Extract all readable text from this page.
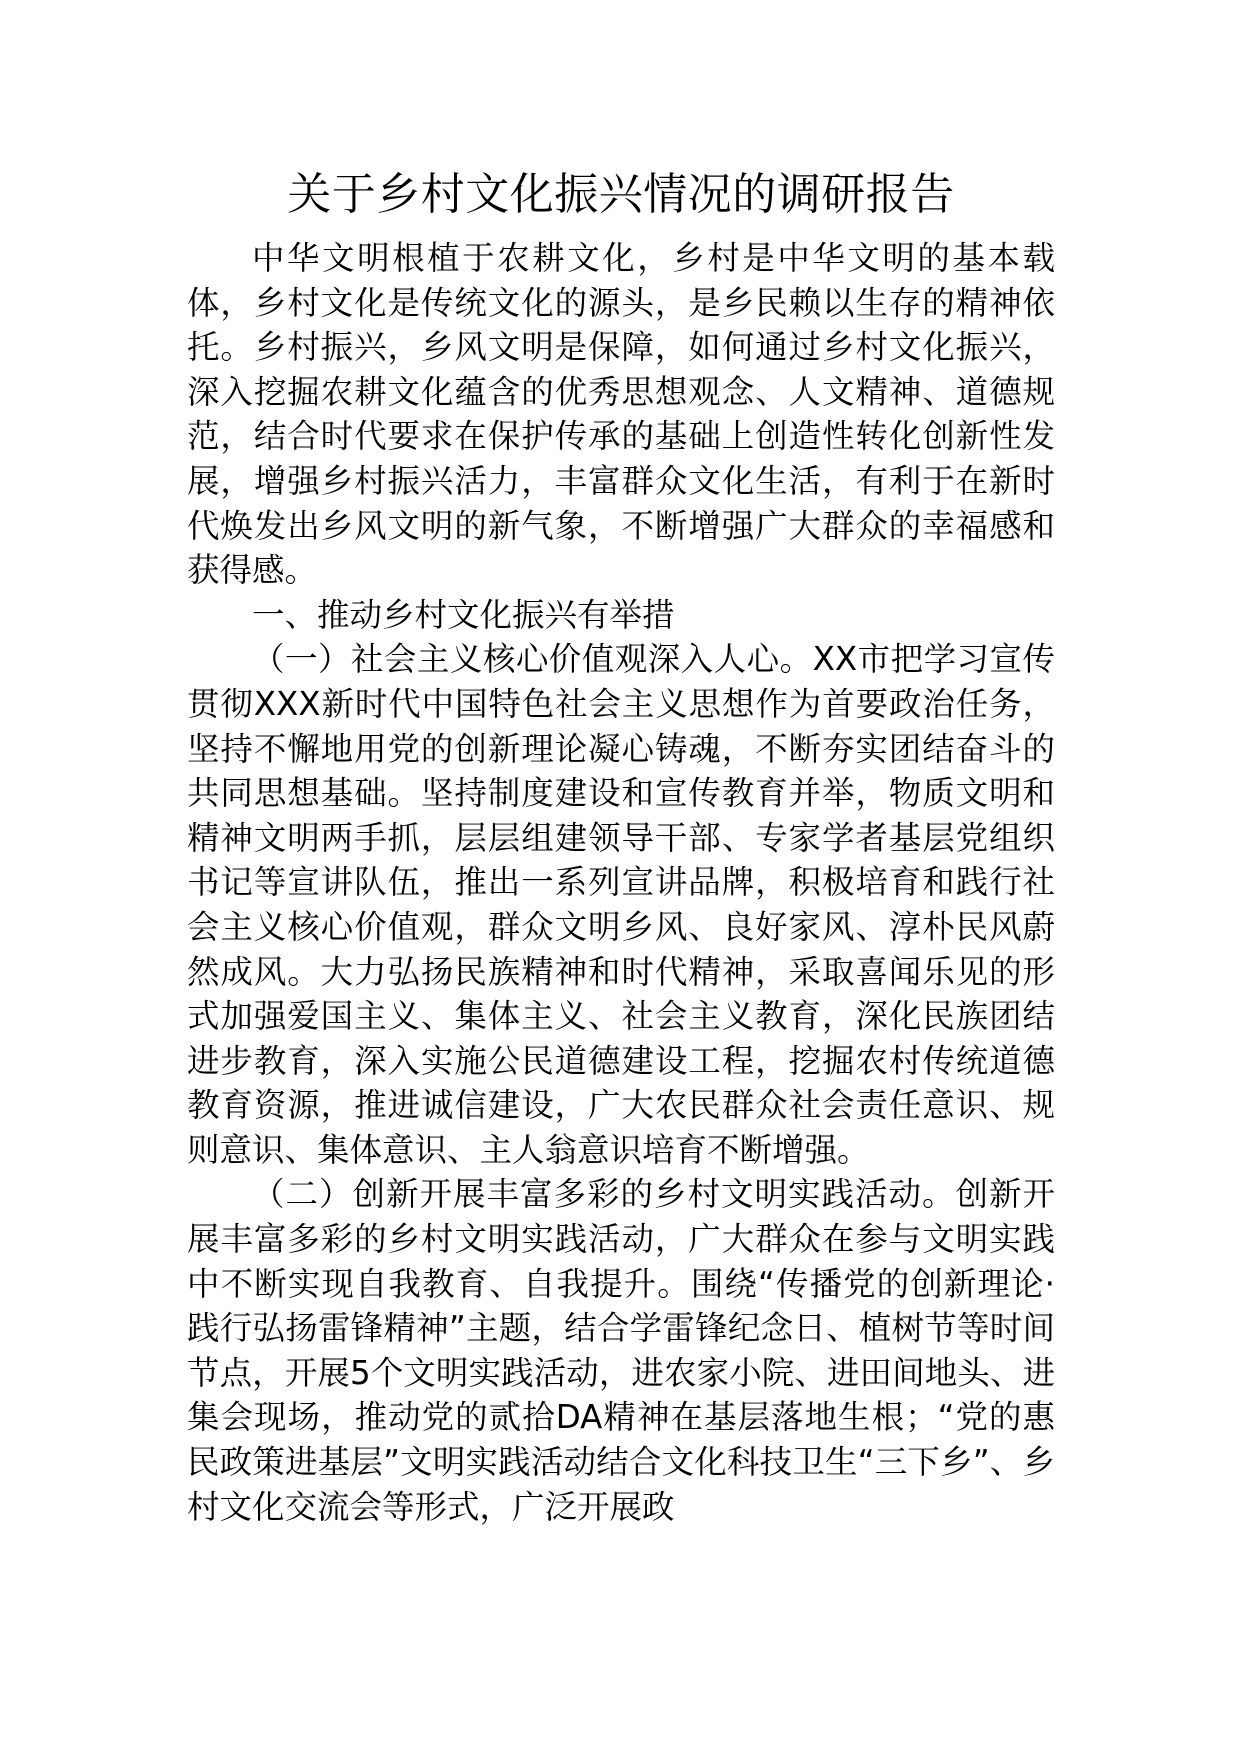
关于乡村文化振兴情况的调研报告

中华文明根植于农耕文化，乡村是中华文明的基本载体，乡村文化是传统文化的源头，是乡民赖以生存的精神依托。乡村振兴，乡风文明是保障，如何通过乡村文化振兴，深入挖掘农耕文化蕴含的优秀思想观念、人文精神、道德规范，结合时代要求在保护传承的基础上创造性转化创新性发展，增强乡村振兴活力，丰富群众文化生活，有利于在新时代焕发出乡风文明的新气象，不断增强广大群众的幸福感和获得感。

一、推动乡村文化振兴有举措

（一）社会主义核心价值观深入人心。XX市把学习宣传贯彻XXX新时代中国特色社会主义思想作为首要政治任务，坚持不懈地用党的创新理论凝心铸魂，不断夯实团结奋斗的共同思想基础。坚持制度建设和宣传教育并举，物质文明和精神文明两手抓，层层组建领导干部、专家学者基层党组织书记等宣讲队伍，推出一系列宣讲品牌，积极培育和践行社会主义核心价值观，群众文明乡风、良好家风、淳朴民风蔚然成风。大力弘扬民族精神和时代精神，采取喜闻乐见的形式加强爱国主义、集体主义、社会主义教育，深化民族团结进步教育，深入实施公民道德建设工程，挖掘农村传统道德教育资源，推进诚信建设，广大农民群众社会责任意识、规则意识、集体意识、主人翁意识培育不断增强。

（二）创新开展丰富多彩的乡村文明实践活动。创新开展丰富多彩的乡村文明实践活动，广大群众在参与文明实践中不断实现自我教育、自我提升。围绕“传播党的创新理论·践行弘扬雷锋精神”主题，结合学雷锋纪念日、植树节等时间节点，开展5个文明实践活动，进农家小院、进田间地头、进集会现场，推动党的贰拾DA精神在基层落地生根；“党的惠民政策进基层”文明实践活动结合文化科技卫生“三下乡”、乡村文化交流会等形式，广泛开展政
